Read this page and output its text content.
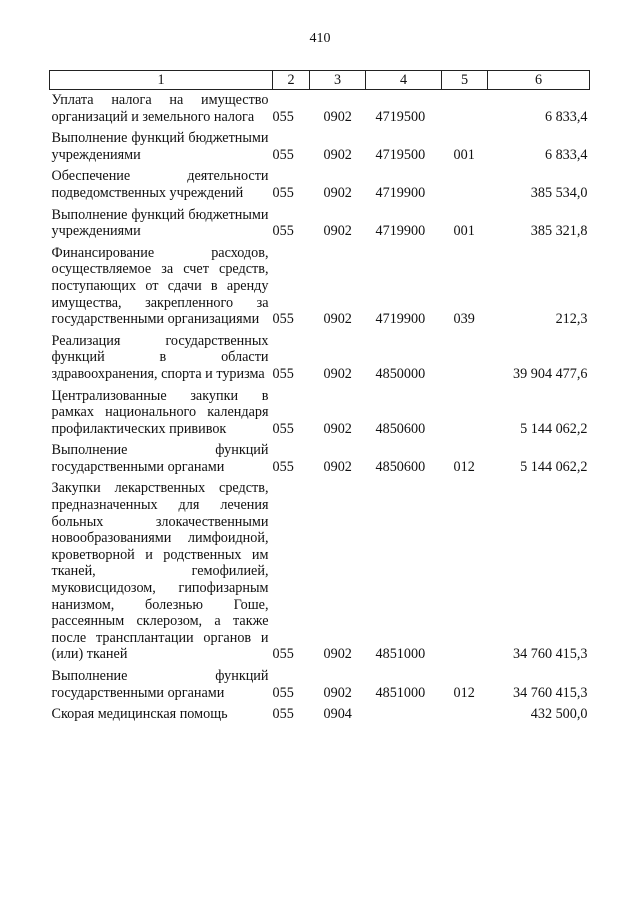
410
1	2	3	4	5	6
Уплата налога на имущество организаций и земельного налога	055	0902	4719500		6 833,4
Выполнение функций бюджетными учреждениями	055	0902	4719500	001	6 833,4
Обеспечение деятельности подведомственных учреждений	055	0902	4719900		385 534,0
Выполнение функций бюджетными учреждениями	055	0902	4719900	001	385 321,8
Финансирование расходов, осуществляемое за счет средств, поступающих от сдачи в аренду имущества, закрепленного за государственными организациями	055	0902	4719900	039	212,3
Реализация государственных функций в области здравоохранения, спорта и туризма	055	0902	4850000		39 904 477,6
Централизованные закупки в рамках национального календаря профилактических прививок	055	0902	4850600		5 144 062,2
Выполнение функций государственными органами	055	0902	4850600	012	5 144 062,2
Закупки лекарственных средств, предназначенных для лечения больных злокачественными новообразованиями лимфоидной, кроветворной и родственных им тканей, гемофилией, муковисцидозом, гипофизарным нанизмом, болезнью Гоше, рассеянным склерозом, а также после трансплантации органов и (или) тканей	055	0902	4851000		34 760 415,3
Выполнение функций государственными органами	055	0902	4851000	012	34 760 415,3
Скорая медицинская помощь	055	0904			432 500,0
